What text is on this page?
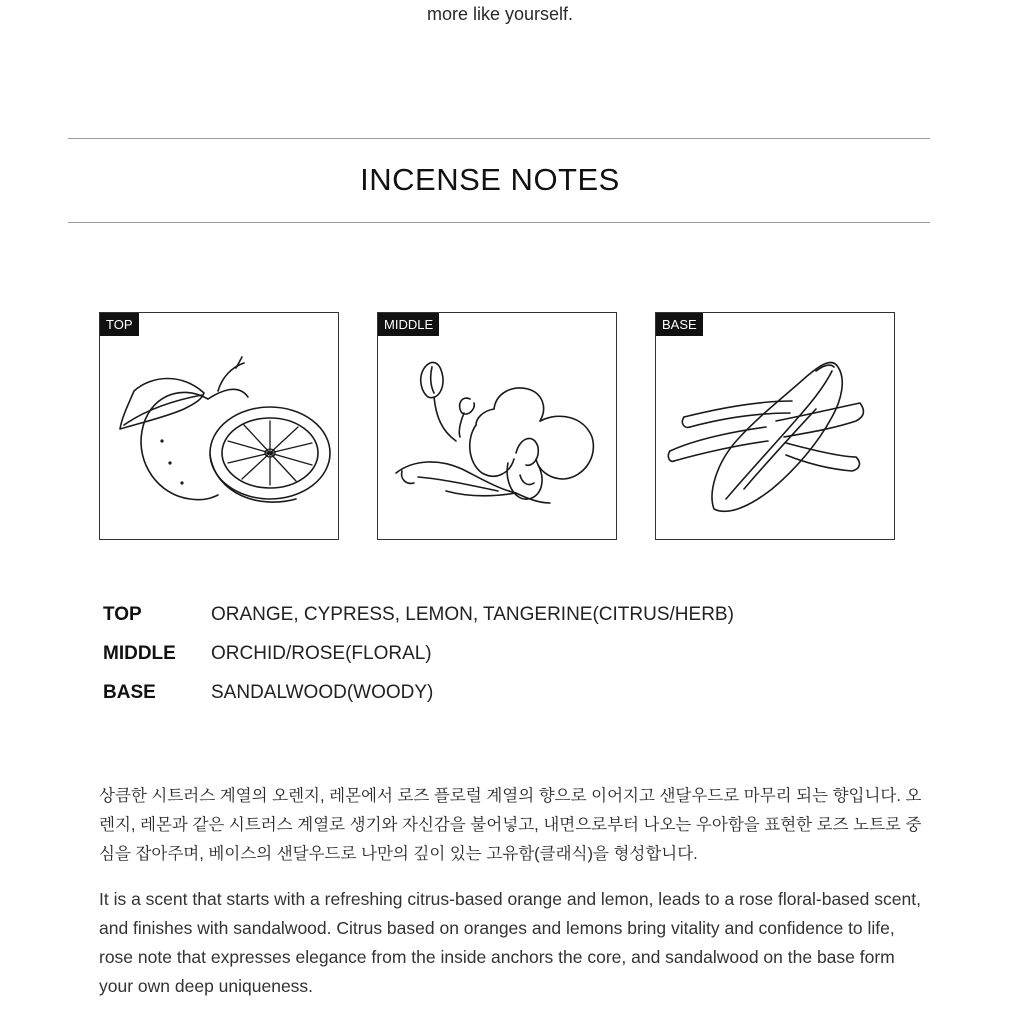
more like yourself.
INCENSE NOTES
TOP	MIDDLE	BASE
TOP	ORANGE, CYPRESS, LEMON, TANGERINE(CITRUS/HERB)
MIDDLE	ORCHID/ROSE(FLORAL)
BASE	SANDALWOOD(WOODY)

상큼한 시트러스 계열의 오렌지, 레몬에서 로즈 플로럴 계열의 향으로 이어지고 샌달우드로 마무리 되는 향입니다. 오렌지, 레몬과 같은 시트러스 계열로 생기와 자신감을 불어넣고, 내면으로부터 나오는 우아함을 표현한 로즈 노트로 중심을 잡아주며, 베이스의 샌달우드로 나만의 깊이 있는 고유함(클래식)을 형성합니다.

It is a scent that starts with a refreshing citrus-based orange and lemon, leads to a rose floral-based scent, and finishes with sandalwood. Citrus based on oranges and lemons bring vitality and confidence to life, rose note that expresses elegance from the inside anchors the core, and sandalwood on the base form your own deep uniqueness.
